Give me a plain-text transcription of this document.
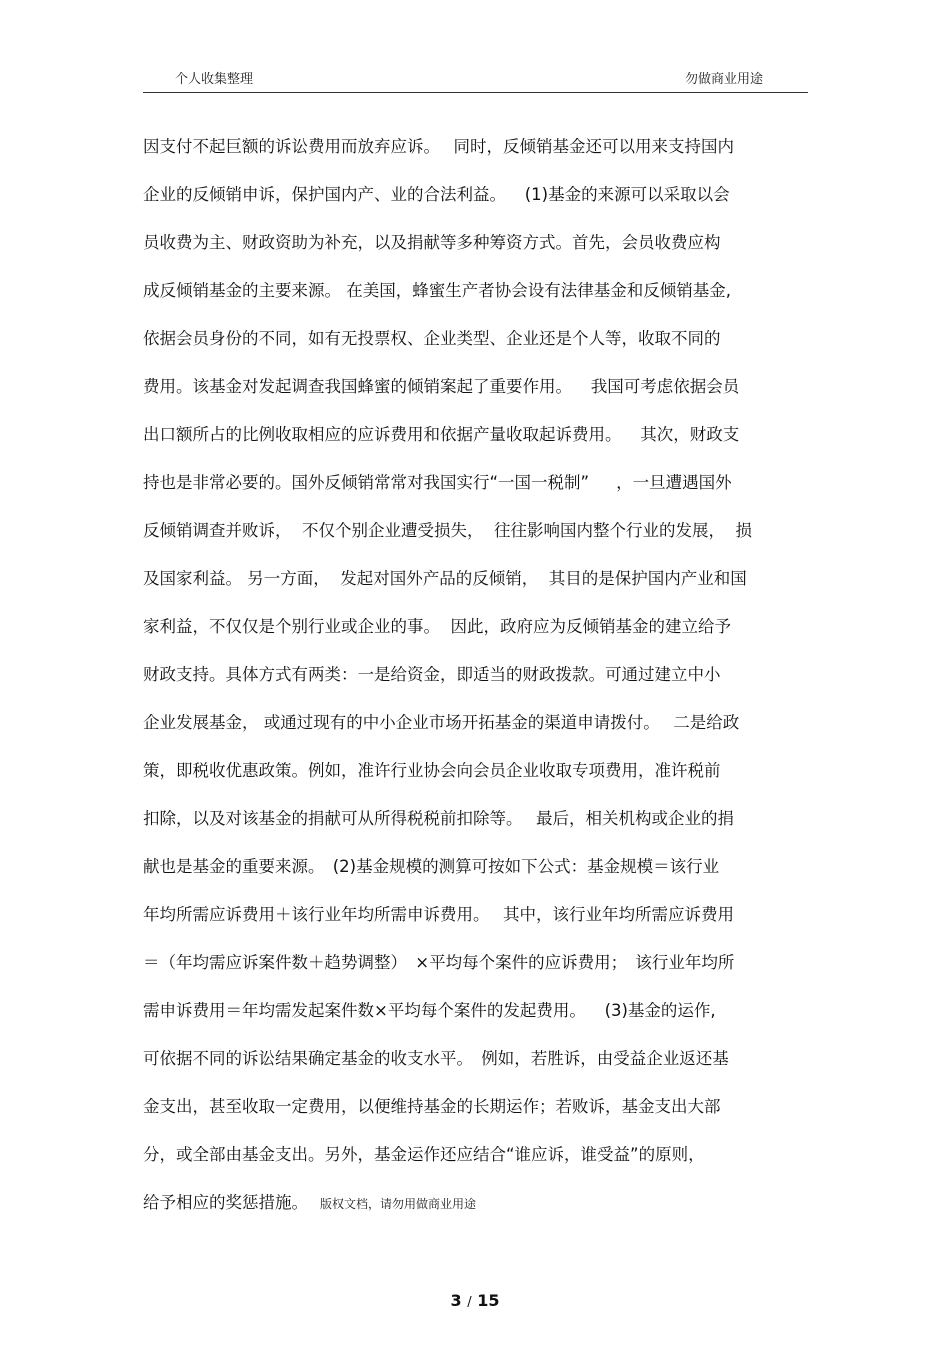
个人收集整理	勿做商业用途
因支付不起巨额的诉讼费用而放弃应诉。　 同时，反倾销基金还可以用来支持国内
企业的反倾销申诉，保护国内产、业的合法利益。　  (1)基金的来源可以采取以会
员收费为主、财政资助为补充，以及捐献等多种筹资方式。首先，会员收费应构
成反倾销基金的主要来源。 在美国，蜂蜜生产者协会设有法律基金和反倾销基金,
依据会员身份的不同，如有无投票权、企业类型、企业还是个人等，收取不同的
费用。该基金对发起调查我国蜂蜜的倾销案起了重要作用。　  我国可考虑依据会员
出口额所占的比例收取相应的应诉费用和依据产量收取起诉费用。　  其次，财政支
持也是非常必要的。国外反倾销常常对我国实行“一国一税制”　  ，一旦遭遇国外
反倾销调查并败诉，  不仅个别企业遭受损失，  往往影响国内整个行业的发展，  损
及国家利益。 另一方面，  发起对国外产品的反倾销，  其目的是保护国内产业和国
家利益，不仅仅是个别行业或企业的事。  因此，政府应为反倾销基金的建立给予
财政支持。具体方式有两类：一是给资金，即适当的财政拨款。可通过建立中小
企业发展基金， 或通过现有的中小企业市场开拓基金的渠道申请拨付。　 二是给政
策，即税收优惠政策。例如，准许行业协会向会员企业收取专项费用，准许税前
扣除，以及对该基金的捐献可从所得税税前扣除等。　 最后，相关机构或企业的捐
献也是基金的重要来源。　(2)基金规模的测算可按如下公式：基金规模＝该行业
年均所需应诉费用＋该行业年均所需申诉费用。　 其中，该行业年均所需应诉费用
＝（年均需应诉案件数＋趋势调整）　×平均每个案件的应诉费用；　该行业年均所
需申诉费用＝年均需发起案件数×平均每个案件的发起费用。　  (3)基金的运作,
可依据不同的诉讼结果确定基金的收支水平。　例如，若胜诉，由受益企业返还基
金支出，甚至收取一定费用，以便维持基金的长期运作；若败诉，基金支出大部
分，或全部由基金支出。另外，基金运作还应结合“谁应诉，谁受益”的原则，
给予相应的奖惩措施。 版权文档，请勿用做商业用途
3 / 15
